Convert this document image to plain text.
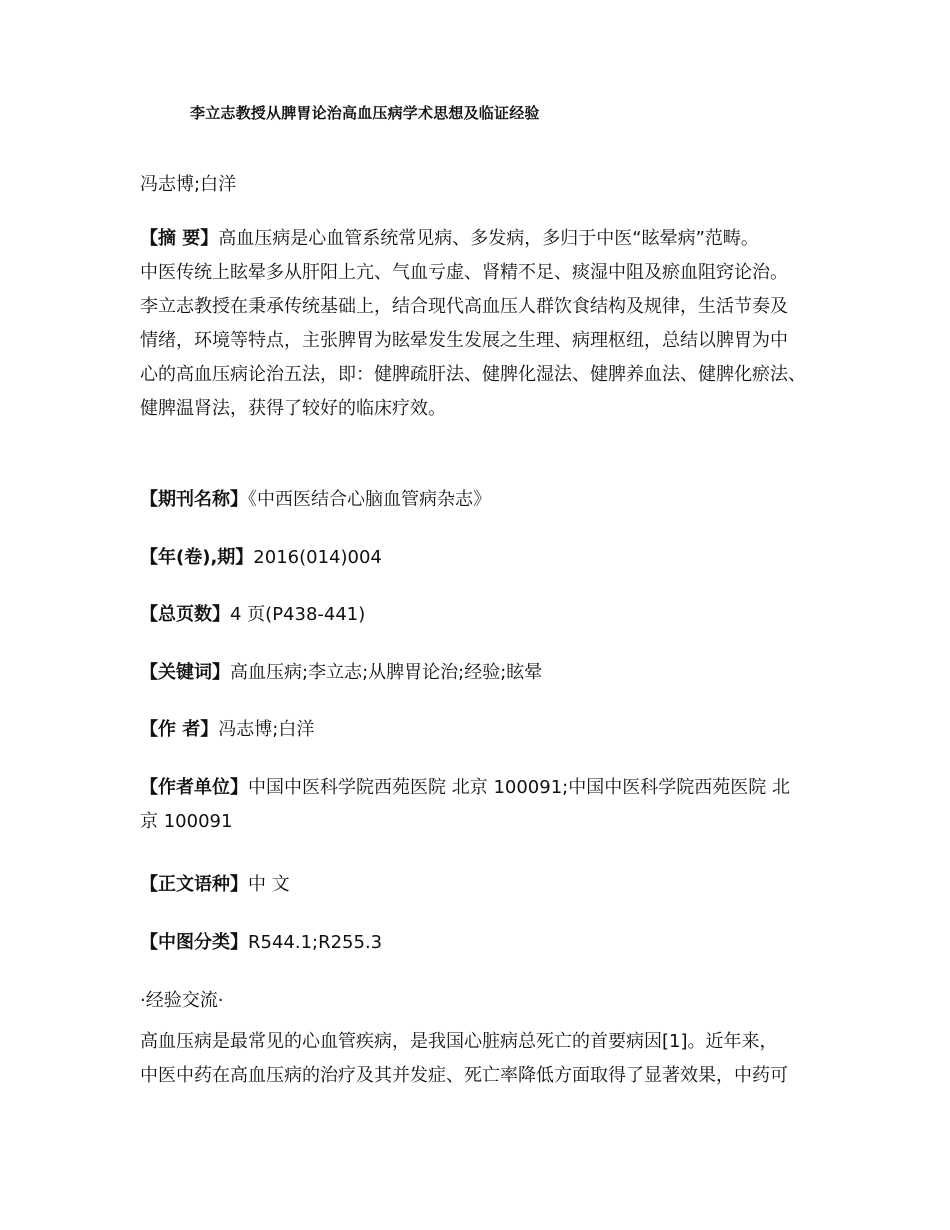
李立志教授从脾胃论治高血压病学术思想及临证经验
冯志博;白洋
【摘 要】高血压病是心血管系统常见病、多发病，多归于中医“眩晕病”范畴。
中医传统上眩晕多从肝阳上亢、气血亏虚、肾精不足、痰湿中阻及瘀血阻窍论治。
李立志教授在秉承传统基础上，结合现代高血压人群饮食结构及规律，生活节奏及
情绪，环境等特点，主张脾胃为眩晕发生发展之生理、病理枢纽，总结以脾胃为中
心的高血压病论治五法，即：健脾疏肝法、健脾化湿法、健脾养血法、健脾化瘀法、
健脾温肾法，获得了较好的临床疗效。
【期刊名称】《中西医结合心脑血管病杂志》
【年(卷),期】2016(014)004
【总页数】4 页(P438-441)
【关键词】高血压病;李立志;从脾胃论治;经验;眩晕
【作 者】冯志博;白洋
【作者单位】中国中医科学院西苑医院 北京 100091;中国中医科学院西苑医院 北
京 100091
【正文语种】中 文
【中图分类】R544.1;R255.3
·经验交流·
高血压病是最常见的心血管疾病，是我国心脏病总死亡的首要病因[1]。近年来，
中医中药在高血压病的治疗及其并发症、死亡率降低方面取得了显著效果，中药可
